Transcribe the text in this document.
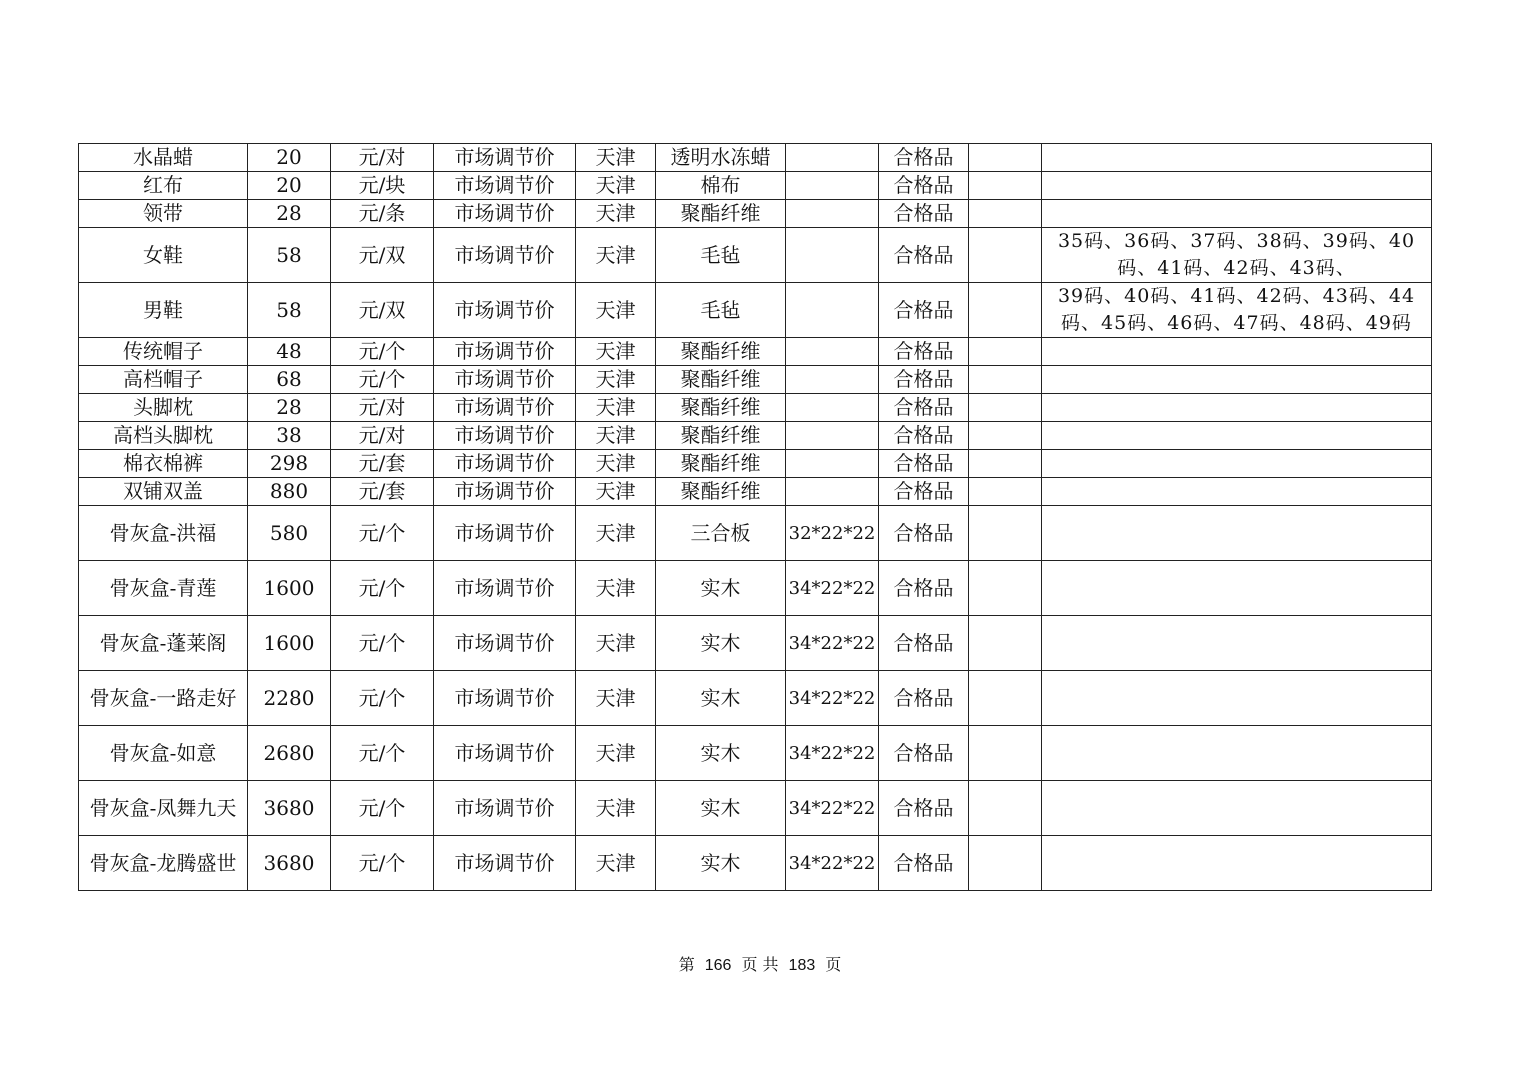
水晶蜡	20	元/对	市场调节价	天津	透明水冻蜡		合格品		
红布	20	元/块	市场调节价	天津	棉布		合格品		
领带	28	元/条	市场调节价	天津	聚酯纤维		合格品		
女鞋	58	元/双	市场调节价	天津	毛毡		合格品		35码、36码、37码、38码、39码、40码、41码、42码、43码、
男鞋	58	元/双	市场调节价	天津	毛毡		合格品		39码、40码、41码、42码、43码、44码、45码、46码、47码、48码、49码
传统帽子	48	元/个	市场调节价	天津	聚酯纤维		合格品		
高档帽子	68	元/个	市场调节价	天津	聚酯纤维		合格品		
头脚枕	28	元/对	市场调节价	天津	聚酯纤维		合格品		
高档头脚枕	38	元/对	市场调节价	天津	聚酯纤维		合格品		
棉衣棉裤	298	元/套	市场调节价	天津	聚酯纤维		合格品		
双铺双盖	880	元/套	市场调节价	天津	聚酯纤维		合格品		
骨灰盒-洪福	580	元/个	市场调节价	天津	三合板	32*22*22	合格品		
骨灰盒-青莲	1600	元/个	市场调节价	天津	实木	34*22*22	合格品		
骨灰盒-蓬莱阁	1600	元/个	市场调节价	天津	实木	34*22*22	合格品		
骨灰盒-一路走好	2280	元/个	市场调节价	天津	实木	34*22*22	合格品		
骨灰盒-如意	2680	元/个	市场调节价	天津	实木	34*22*22	合格品		
骨灰盒-凤舞九天	3680	元/个	市场调节价	天津	实木	34*22*22	合格品		
骨灰盒-龙腾盛世	3680	元/个	市场调节价	天津	实木	34*22*22	合格品		
第 166 页 共 183 页
